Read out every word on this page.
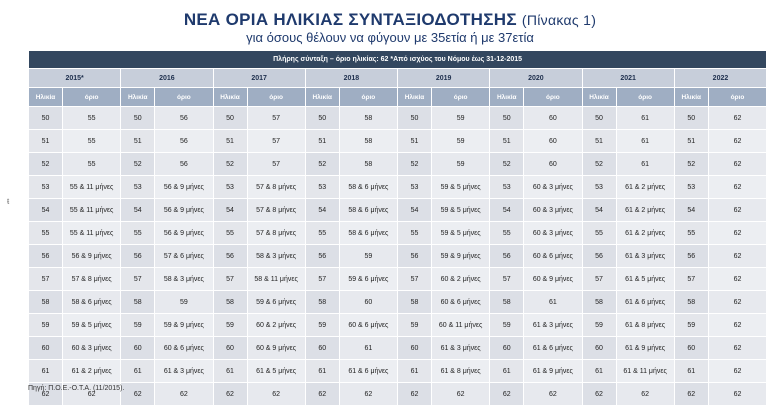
ΝΕΑ ΟΡΙΑ ΗΛΙΚΙΑΣ ΣΥΝΤΑΞΙΟΔΟΤΗΣΗΣ (Πίνακας 1)
για όσους θέλουν να φύγουν με 35ετία ή με 37ετία
ŧ
Πλήρης σύνταξη – όριο ηλικίας: 62 *Από ισχύος του Νόμου έως 31-12-2015															
2015*		2016		2017		2018		2019		2020		2021		2022	
Ηλικία	όριο	Ηλικία	όριο	Ηλικία	όριο	Ηλικία	όριο	Ηλικία	όριο	Ηλικία	όριο	Ηλικία	όριο	Ηλικία	όριο
50	55	50	56	50	57	50	58	50	59	50	60	50	61	50	62
51	55	51	56	51	57	51	58	51	59	51	60	51	61	51	62
52	55	52	56	52	57	52	58	52	59	52	60	52	61	52	62
53	55 & 11 μήνες	53	56 & 9 μήνες	53	57 & 8 μήνες	53	58 & 6 μήνες	53	59 & 5 μήνες	53	60 & 3 μήνες	53	61 & 2 μήνες	53	62
54	55 & 11 μήνες	54	56 & 9 μήνες	54	57 & 8 μήνες	54	58 & 6 μήνες	54	59 & 5 μήνες	54	60 & 3 μήνες	54	61 & 2 μήνες	54	62
55	55 & 11 μήνες	55	56 & 9 μήνες	55	57 & 8 μήνες	55	58 & 6 μήνες	55	59 & 5 μήνες	55	60 & 3 μήνες	55	61 & 2 μήνες	55	62
56	56 & 9 μήνες	56	57 & 6 μήνες	56	58 & 3 μήνες	56	59	56	59 & 9 μήνες	56	60 & 6 μήνες	56	61 & 3 μήνες	56	62
57	57 & 8 μήνες	57	58 & 3 μήνες	57	58 & 11 μήνες	57	59 & 6 μήνες	57	60 & 2 μήνες	57	60 & 9 μήνες	57	61 & 5 μήνες	57	62
58	58 & 6 μήνες	58	59	58	59 & 6 μήνες	58	60	58	60 & 6 μήνες	58	61	58	61 & 6 μήνες	58	62
59	59 & 5 μήνες	59	59 & 9 μήνες	59	60 & 2 μήνες	59	60 & 6 μήνες	59	60 & 11 μήνες	59	61 & 3 μήνες	59	61 & 8 μήνες	59	62
60	60 & 3 μήνες	60	60 & 6 μήνες	60	60 & 9 μήνες	60	61	60	61 & 3 μήνες	60	61 & 6 μήνες	60	61 & 9 μήνες	60	62
61	61 & 2 μήνες	61	61 & 3 μήνες	61	61 & 5 μήνες	61	61 & 6 μήνες	61	61 & 8 μήνες	61	61 & 9 μήνες	61	61 & 11 μήνες	61	62
62	62	62	62	62	62	62	62	62	62	62	62	62	62	62	62
Πηγή: Π.Ο.Ε.-Ο.Τ.Α. (11/2015).
